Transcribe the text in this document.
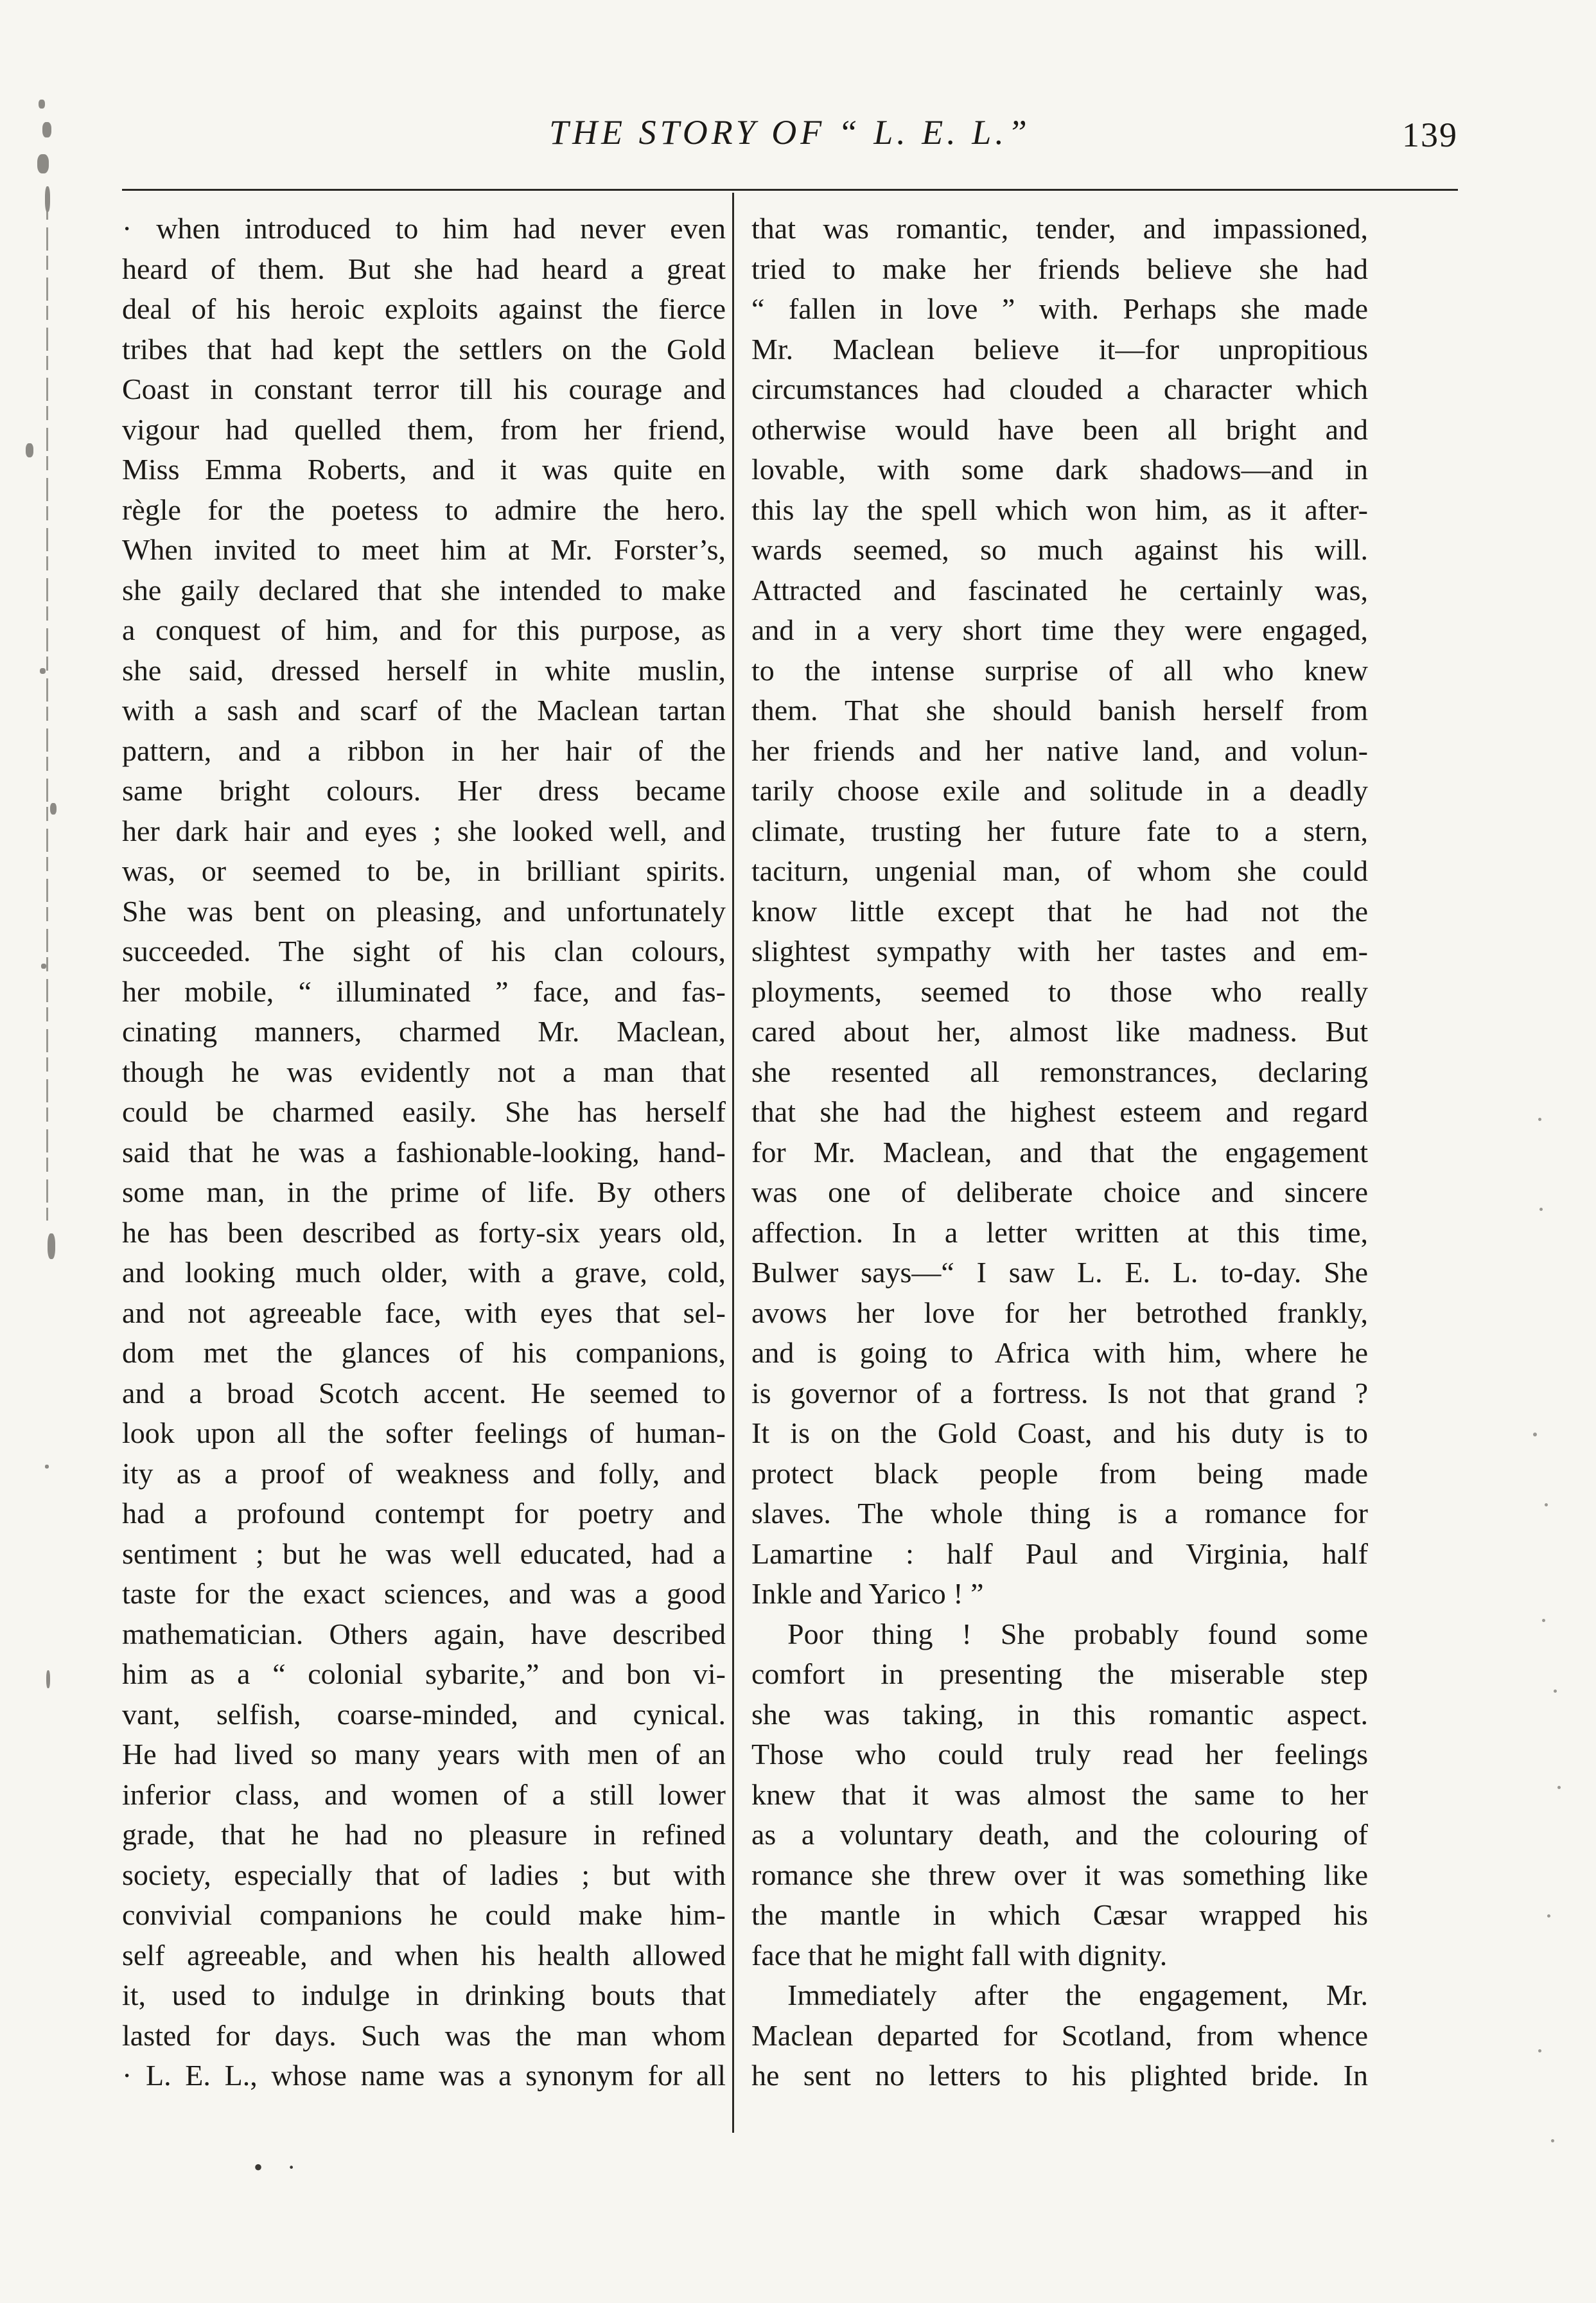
THE STORY OF “ L. E. L.”	139
· when introduced to him had never even
heard of them. But she had heard a great
deal of his heroic exploits against the fierce
tribes that had kept the settlers on the Gold
Coast in constant terror till his courage and
vigour had quelled them, from her friend,
Miss Emma Roberts, and it was quite en
règle for the poetess to admire the hero.
When invited to meet him at Mr. Forster’s,
she gaily declared that she intended to make
a conquest of him, and for this purpose, as
she said, dressed herself in white muslin,
with a sash and scarf of the Maclean tartan
pattern, and a ribbon in her hair of the
same bright colours. Her dress became
her dark hair and eyes ; she looked well, and
was, or seemed to be, in brilliant spirits.
She was bent on pleasing, and unfortunately
succeeded. The sight of his clan colours,
her mobile, “ illuminated ” face, and fas-
cinating manners, charmed Mr. Maclean,
though he was evidently not a man that
could be charmed easily. She has herself
said that he was a fashionable-looking, hand-
some man, in the prime of life. By others
he has been described as forty-six years old,
and looking much older, with a grave, cold,
and not agreeable face, with eyes that sel-
dom met the glances of his companions,
and a broad Scotch accent. He seemed to
look upon all the softer feelings of human-
ity as a proof of weakness and folly, and
had a profound contempt for poetry and
sentiment ; but he was well educated, had a
taste for the exact sciences, and was a good
mathematician. Others again, have described
him as a “ colonial sybarite,” and bon vi-
vant, selfish, coarse-minded, and cynical.
He had lived so many years with men of an
inferior class, and women of a still lower
grade, that he had no pleasure in refined
society, especially that of ladies ; but with
convivial companions he could make him-
self agreeable, and when his health allowed
it, used to indulge in drinking bouts that
lasted for days. Such was the man whom
· L. E. L., whose name was a synonym for all
that was romantic, tender, and impassioned,
tried to make her friends believe she had
“ fallen in love ” with. Perhaps she made
Mr. Maclean believe it—for unpropitious
circumstances had clouded a character which
otherwise would have been all bright and
lovable, with some dark shadows—and in
this lay the spell which won him, as it after-
wards seemed, so much against his will.
Attracted and fascinated he certainly was,
and in a very short time they were engaged,
to the intense surprise of all who knew
them. That she should banish herself from
her friends and her native land, and volun-
tarily choose exile and solitude in a deadly
climate, trusting her future fate to a stern,
taciturn, ungenial man, of whom she could
know little except that he had not the
slightest sympathy with her tastes and em-
ployments, seemed to those who really
cared about her, almost like madness. But
she resented all remonstrances, declaring
that she had the highest esteem and regard
for Mr. Maclean, and that the engagement
was one of deliberate choice and sincere
affection. In a letter written at this time,
Bulwer says—“ I saw L. E. L. to-day. She
avows her love for her betrothed frankly,
and is going to Africa with him, where he
is governor of a fortress. Is not that grand ?
It is on the Gold Coast, and his duty is to
protect black people from being made
slaves. The whole thing is a romance for
Lamartine : half Paul and Virginia, half
Inkle and Yarico ! ”
Poor thing ! She probably found some
comfort in presenting the miserable step
she was taking, in this romantic aspect.
Those who could truly read her feelings
knew that it was almost the same to her
as a voluntary death, and the colouring of
romance she threw over it was something like
the mantle in which Cæsar wrapped his
face that he might fall with dignity.
Immediately after the engagement, Mr.
Maclean departed for Scotland, from whence
he sent no letters to his plighted bride. In
• ·
